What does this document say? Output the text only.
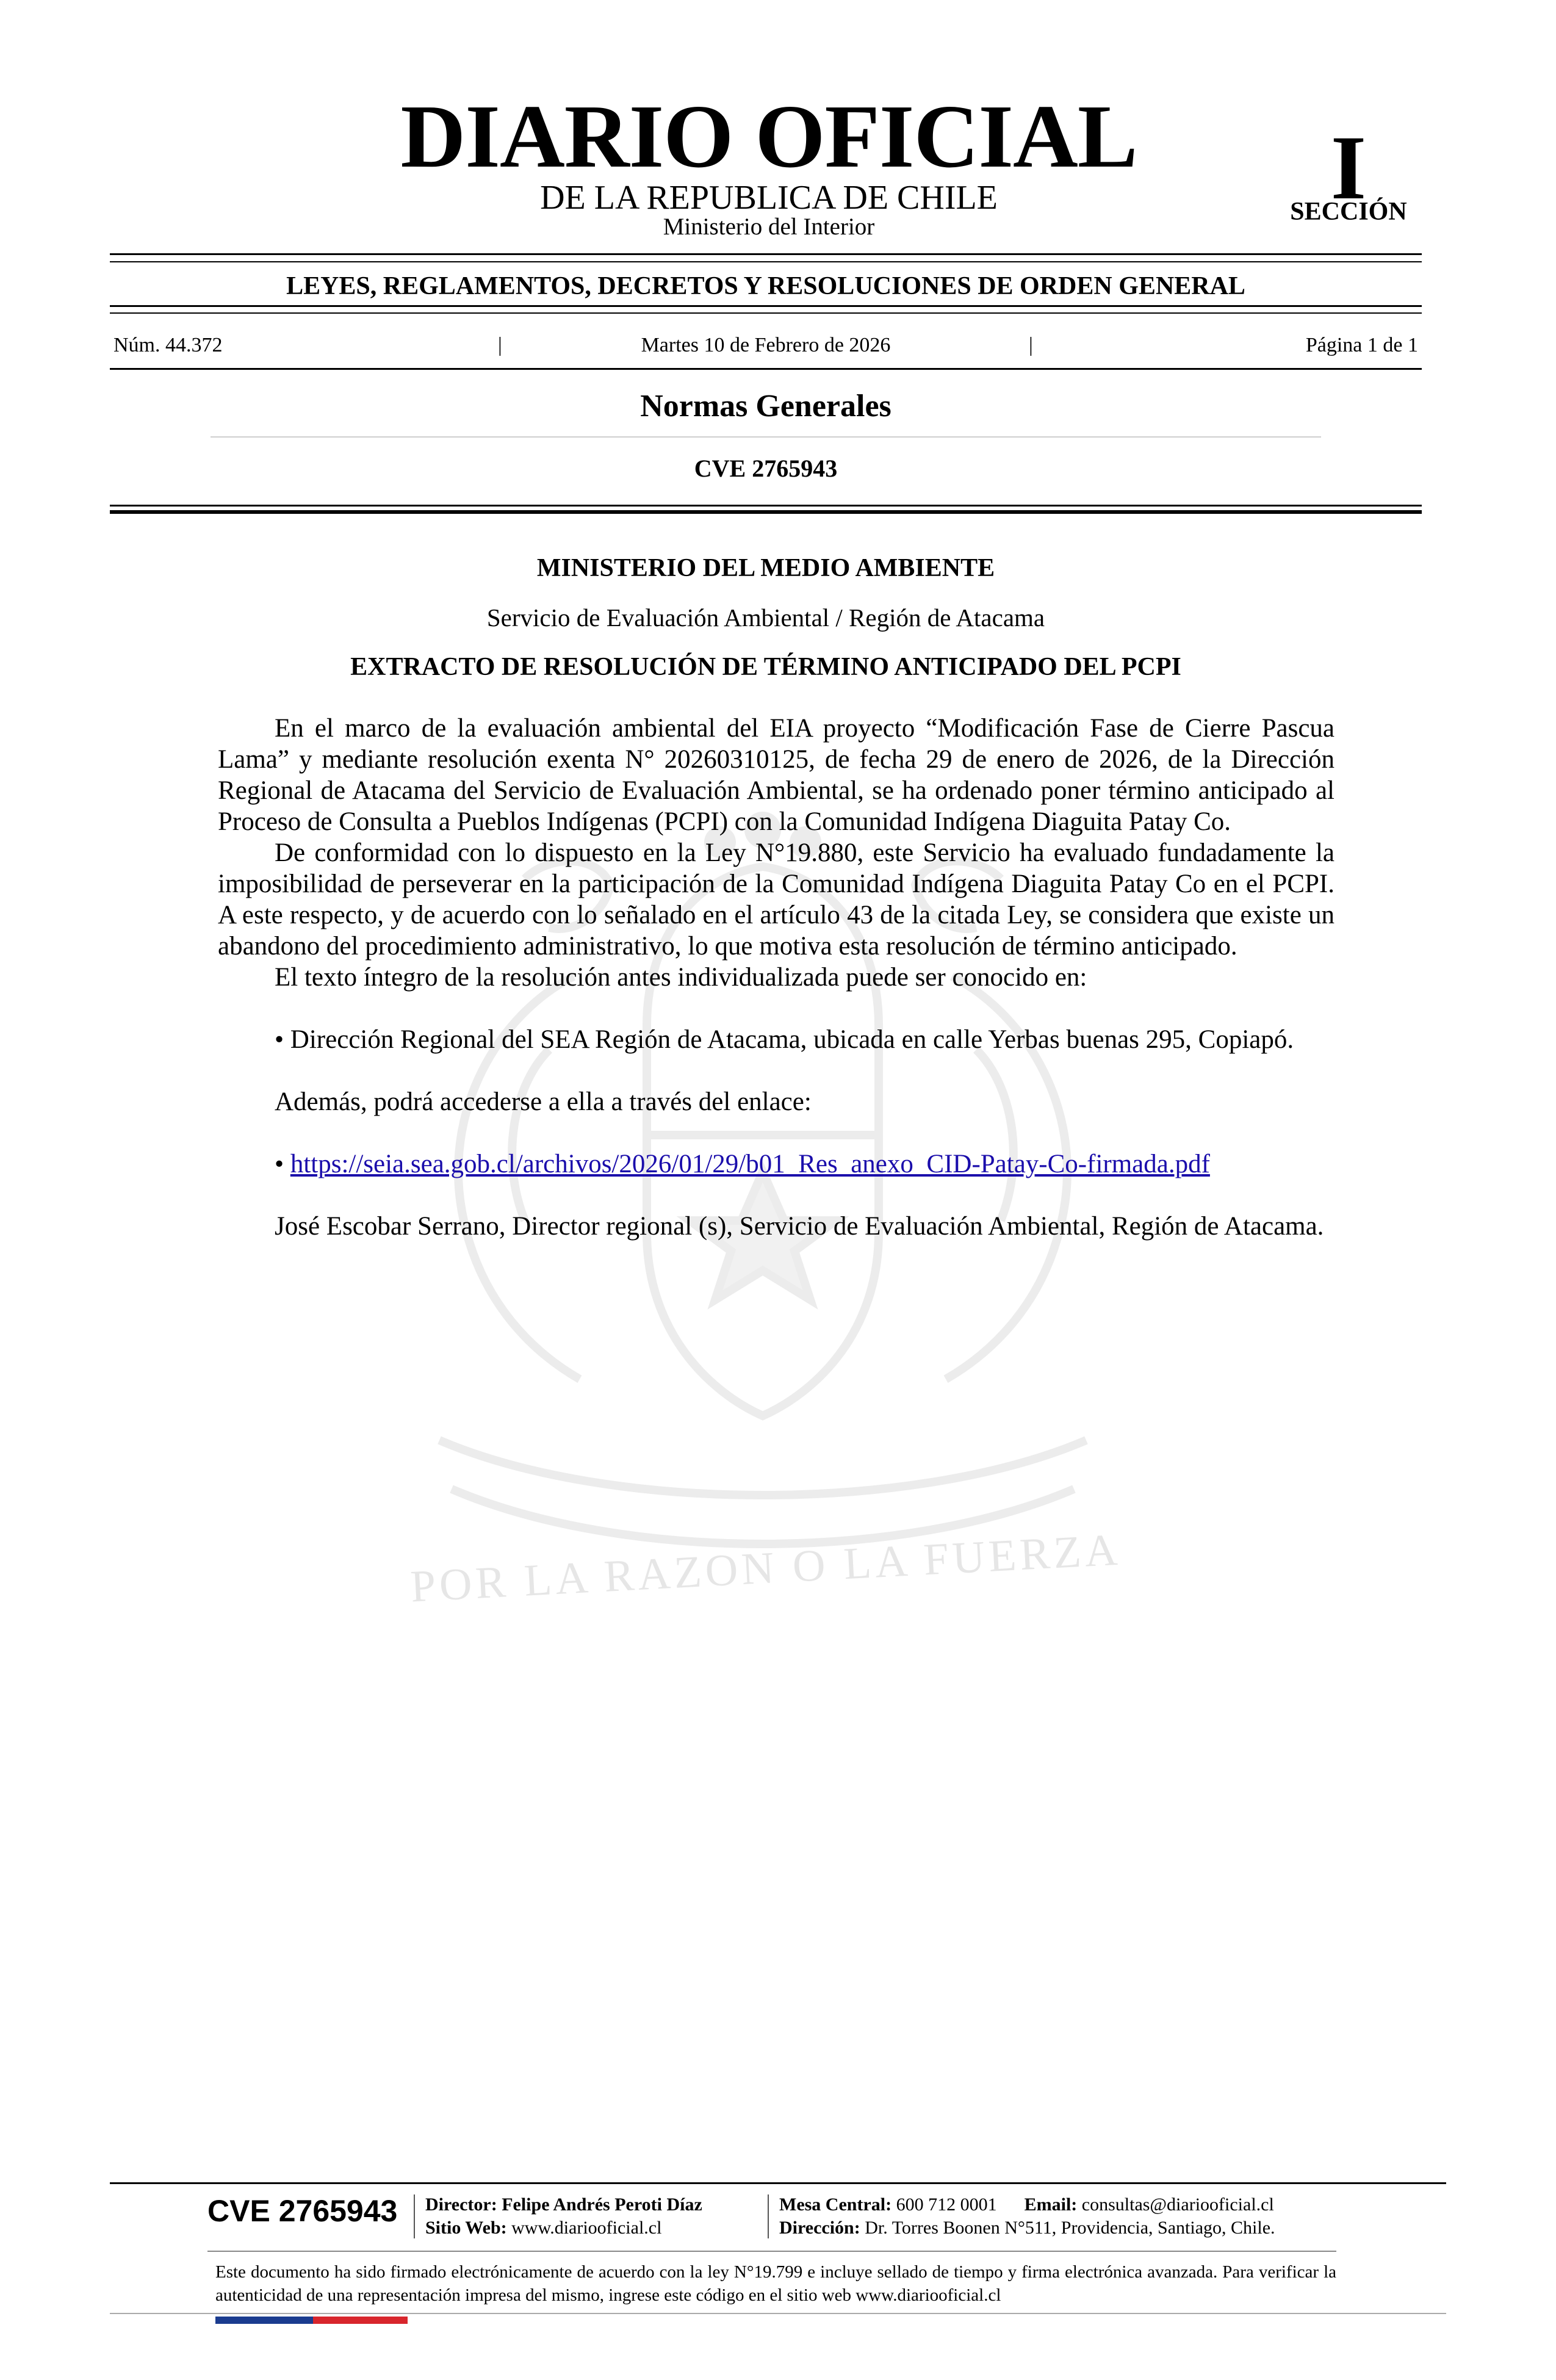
DIARIO OFICIAL
DE LA REPUBLICA DE CHILE
Ministerio del Interior
I
SECCIÓN
LEYES, REGLAMENTOS, DECRETOS Y RESOLUCIONES DE ORDEN GENERAL
Núm. 44.372	|	Martes 10 de Febrero de 2026	|	Página 1 de 1
Normas Generales
CVE 2765943
POR LA RAZON O LA FUERZA
MINISTERIO DEL MEDIO AMBIENTE
Servicio de Evaluación Ambiental / Región de Atacama
EXTRACTO DE RESOLUCIÓN DE TÉRMINO ANTICIPADO DEL PCPI

En el marco de la evaluación ambiental del EIA proyecto “Modificación Fase de Cierre Pascua Lama” y mediante resolución exenta N° 20260310125, de fecha 29 de enero de 2026, de la Dirección Regional de Atacama del Servicio de Evaluación Ambiental, se ha ordenado poner término anticipado al Proceso de Consulta a Pueblos Indígenas (PCPI) con la Comunidad Indígena Diaguita Patay Co.

De conformidad con lo dispuesto en la Ley N°19.880, este Servicio ha evaluado fundadamente la imposibilidad de perseverar en la participación de la Comunidad Indígena Diaguita Patay Co en el PCPI. A este respecto, y de acuerdo con lo señalado en el artículo 43 de la citada Ley, se considera que existe un abandono del procedimiento administrativo, lo que motiva esta resolución de término anticipado.

El texto íntegro de la resolución antes individualizada puede ser conocido en:

• Dirección Regional del SEA Región de Atacama, ubicada en calle Yerbas buenas 295, Copiapó.

Además, podrá accederse a ella a través del enlace:

• https://seia.sea.gob.cl/archivos/2026/01/29/b01_Res_anexo_CID-Patay-Co-firmada.pdf

José Escobar Serrano, Director regional (s), Servicio de Evaluación Ambiental, Región de Atacama.

CVE 2765943 Director: Felipe Andrés Peroti Díaz
Sitio Web: www.diariooficial.cl
Mesa Central: 600 712 0001 Email: consultas@diariooficial.cl
Dirección: Dr. Torres Boonen N°511, Providencia, Santiago, Chile.
Este documento ha sido firmado electrónicamente de acuerdo con la ley N°19.799 e incluye sellado de tiempo y firma electrónica avanzada. Para verificar la autenticidad de una representación impresa del mismo, ingrese este código en el sitio web www.diariooficial.cl
